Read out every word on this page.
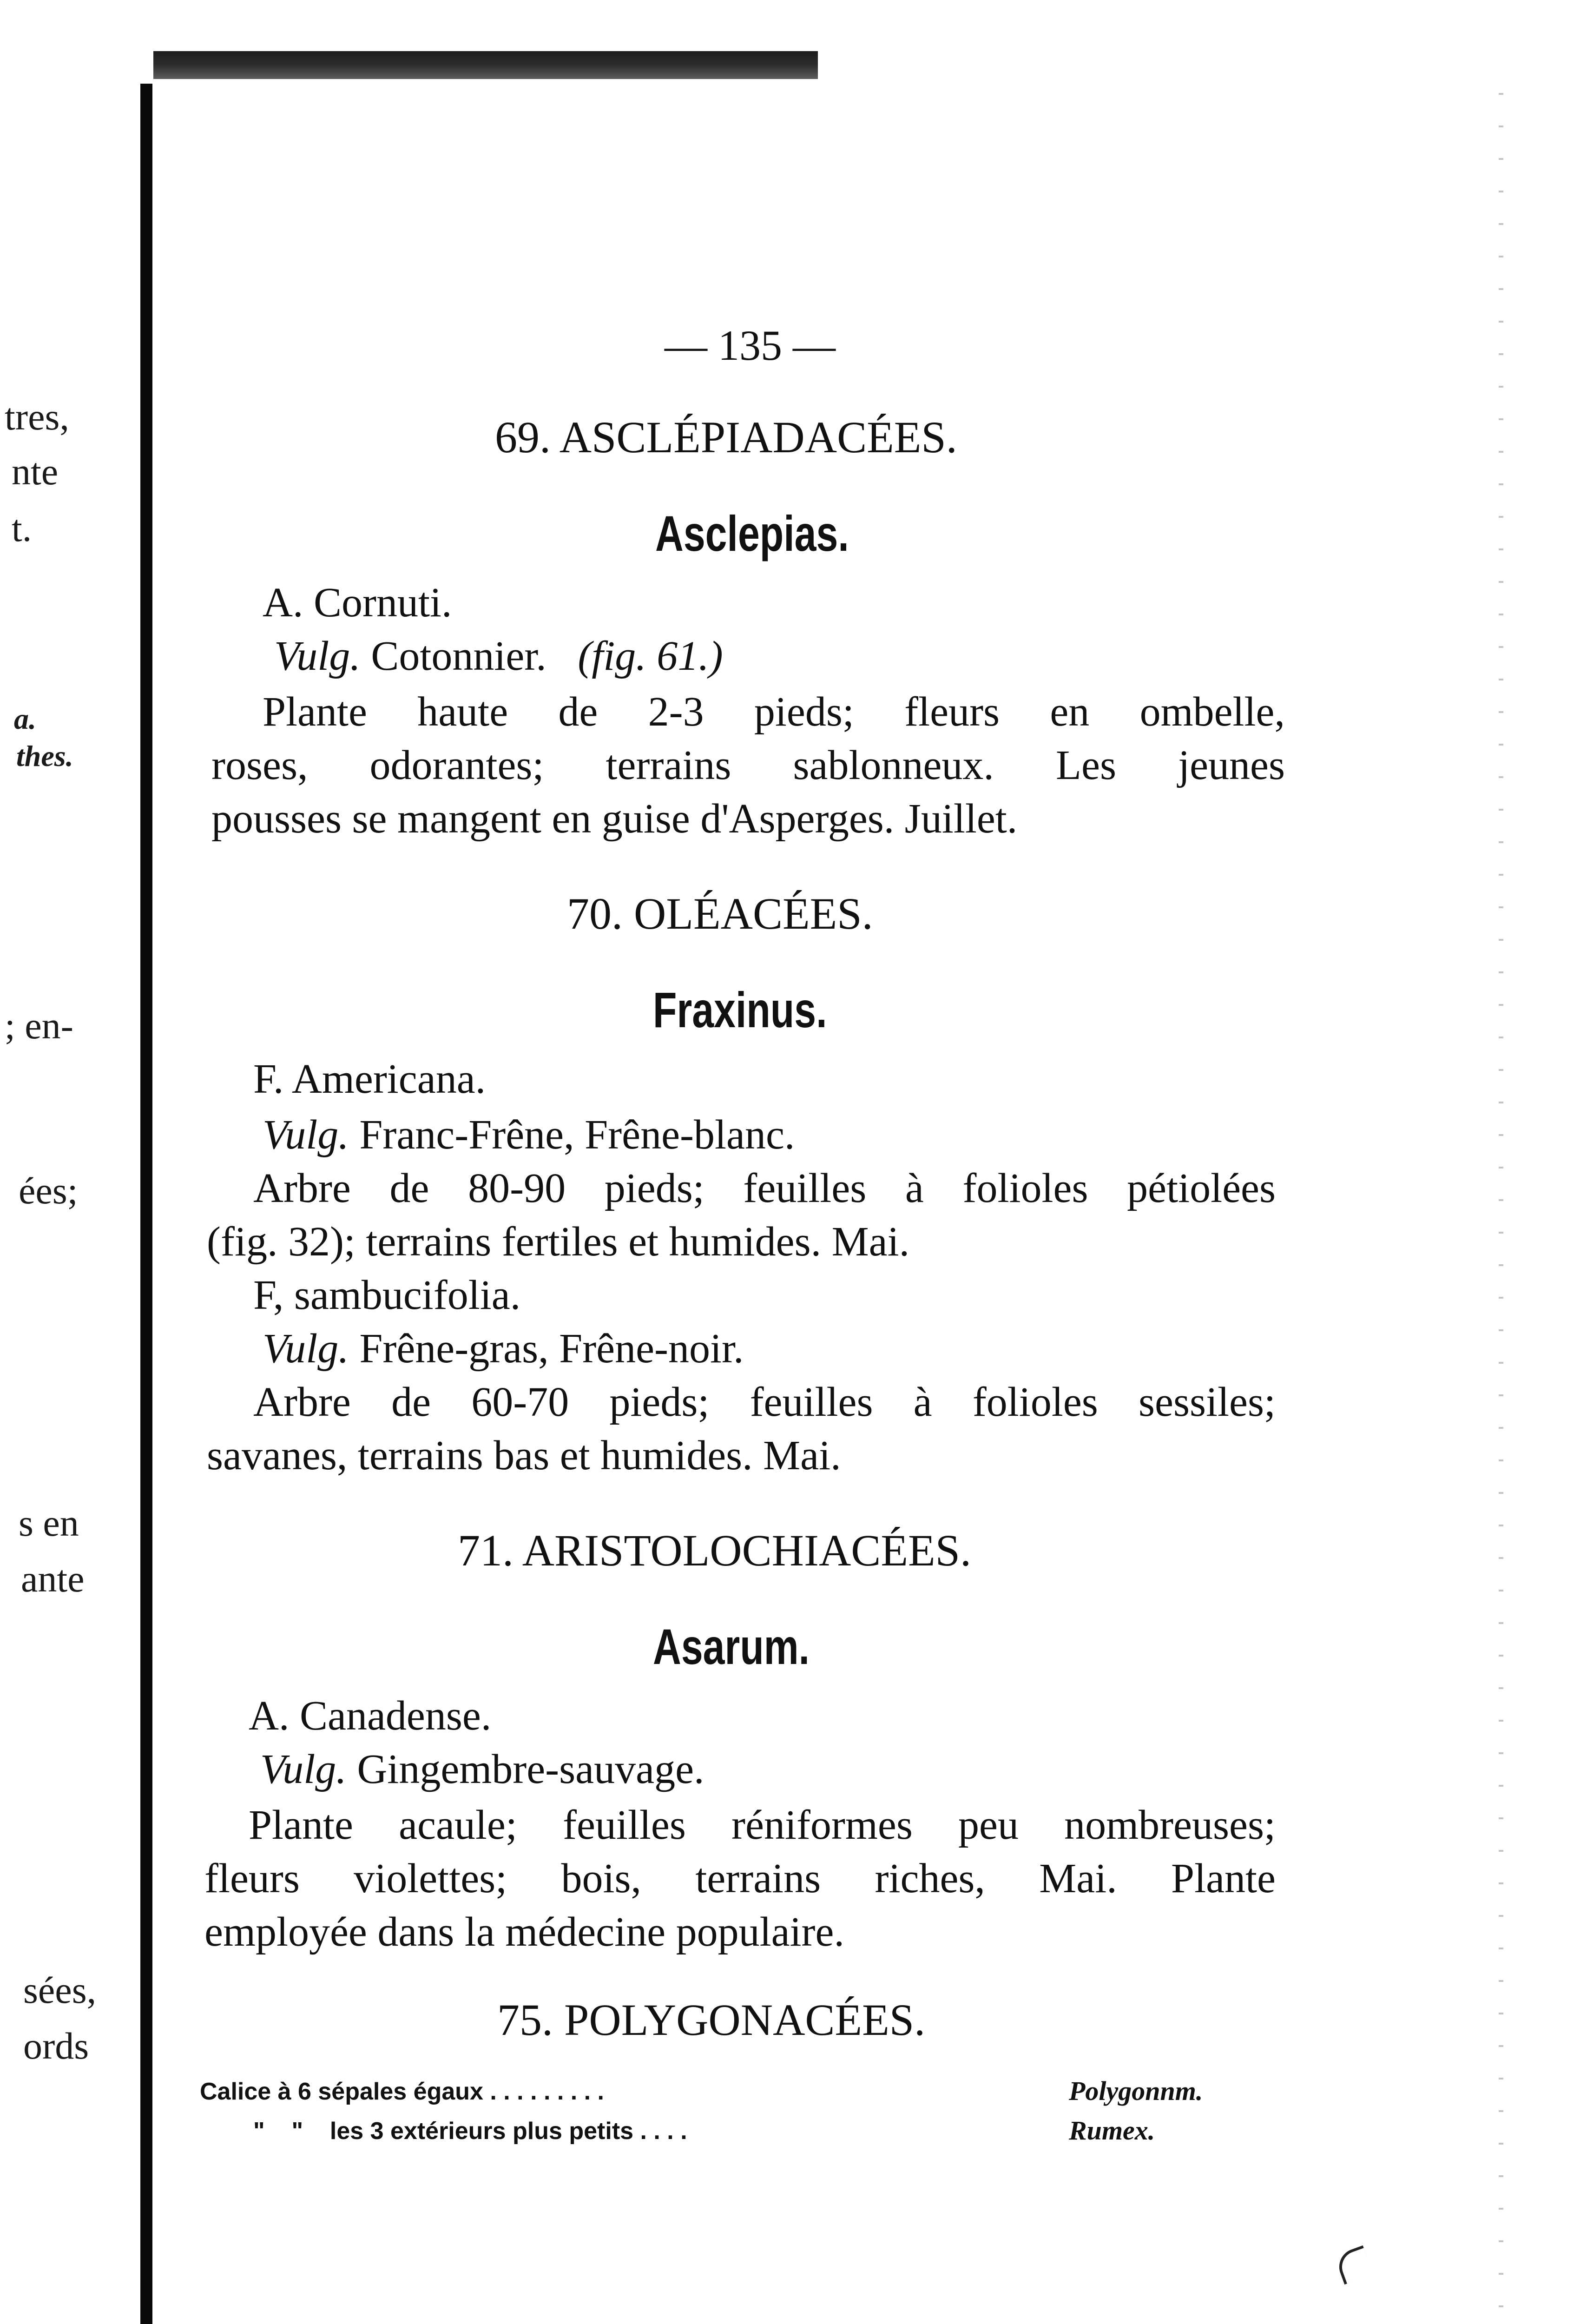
tres,
nte
t.
a.
thes.
; en-
ées;
s en
ante
sées,
ords
— 135 —
69. ASCLÉPIADACÉES.
Asclepias.
A. Cornuti.
Vulg. Cotonnier. (fig. 61.)
Plante haute de 2-3 pieds; fleurs en ombelle,
roses, odorantes; terrains sablonneux. Les jeunes
pousses se mangent en guise d'Asperges. Juillet.
70. OLÉACÉES.
Fraxinus.
F. Americana.
Vulg. Franc-Frêne, Frêne-blanc.
Arbre de 80-90 pieds; feuilles à folioles pétiolées
(fig. 32); terrains fertiles et humides. Mai.
F, sambucifolia.
Vulg. Frêne-gras, Frêne-noir.
Arbre de 60-70 pieds; feuilles à folioles sessiles;
savanes, terrains bas et humides. Mai.
71. ARISTOLOCHIACÉES.
Asarum.
A. Canadense.
Vulg. Gingembre-sauvage.
Plante acaule; feuilles réniformes peu nombreuses;
fleurs violettes; bois, terrains riches, Mai. Plante
employée dans la médecine populaire.
75. POLYGONACÉES.
Calice à 6 sépales égaux . . . . . . . . .	Polygonnm.
"    "    les 3 extérieurs plus petits . . . .	Rumex.
